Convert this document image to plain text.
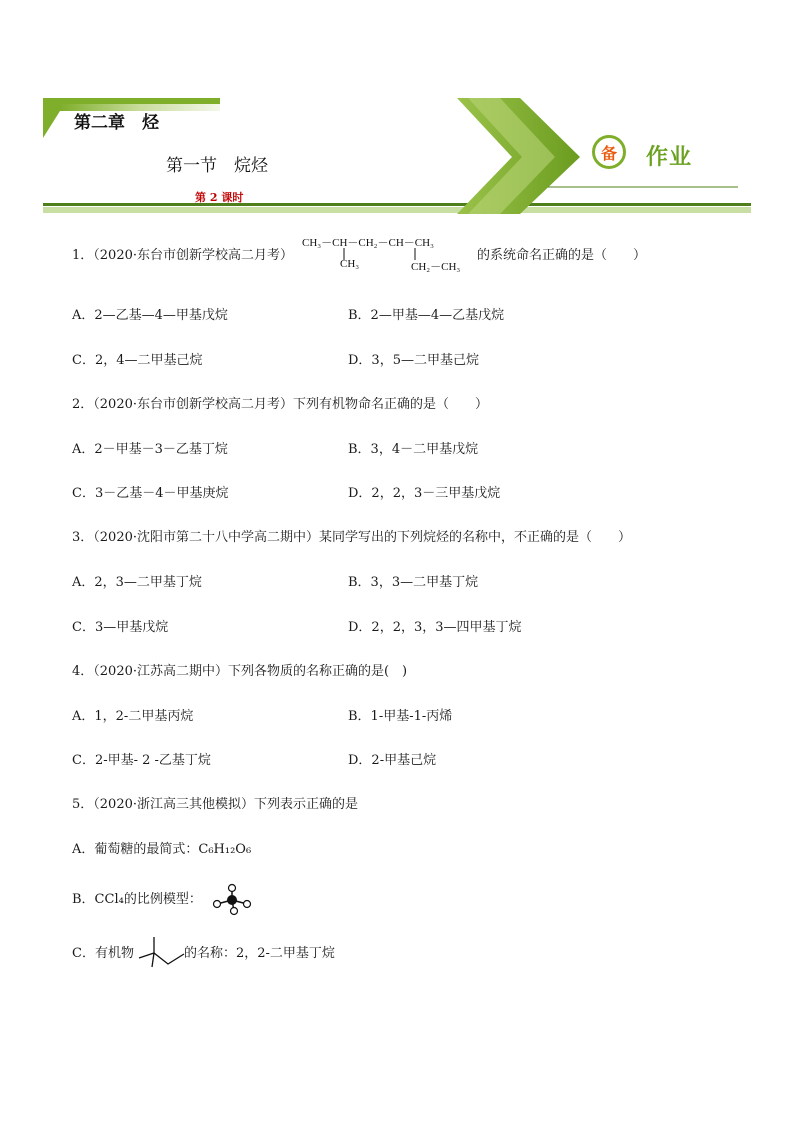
第二章　烃
第一节　烷烃
第 2 课时
备	作业
1．（2020·东台市创新学校高二月考）
CH₃－CH－CH₂－CH－CH₃
CH₃	CH₂－CH₃
的系统命名正确的是（　　）
A．2—乙基—4—甲基戊烷	B．2—甲基—4—乙基戊烷
C．2，4—二甲基己烷	D．3，5—二甲基己烷
2．（2020·东台市创新学校高二月考）下列有机物命名正确的是（　　）
A．2－甲基－3－乙基丁烷	B．3，4－二甲基戊烷
C．3－乙基－4－甲基庚烷	D．2，2，3－三甲基戊烷
3．（2020·沈阳市第二十八中学高二期中）某同学写出的下列烷烃的名称中，不正确的是（　　）
A．2，3—二甲基丁烷	B．3，3—二甲基丁烷
C．3—甲基戊烷	D．2，2，3，3—四甲基丁烷
4．（2020·江苏高二期中）下列各物质的名称正确的是(　)
A．1，2-二甲基丙烷	B．1-甲基-1-丙烯
C．2-甲基- 2 -乙基丁烷	D．2-甲基己烷
5．（2020·浙江高三其他模拟）下列表示正确的是
A．葡萄糖的最简式：C₆H₁₂O₆
B．CCl₄的比例模型：
C．有机物	的名称：2，2-二甲基丁烷
